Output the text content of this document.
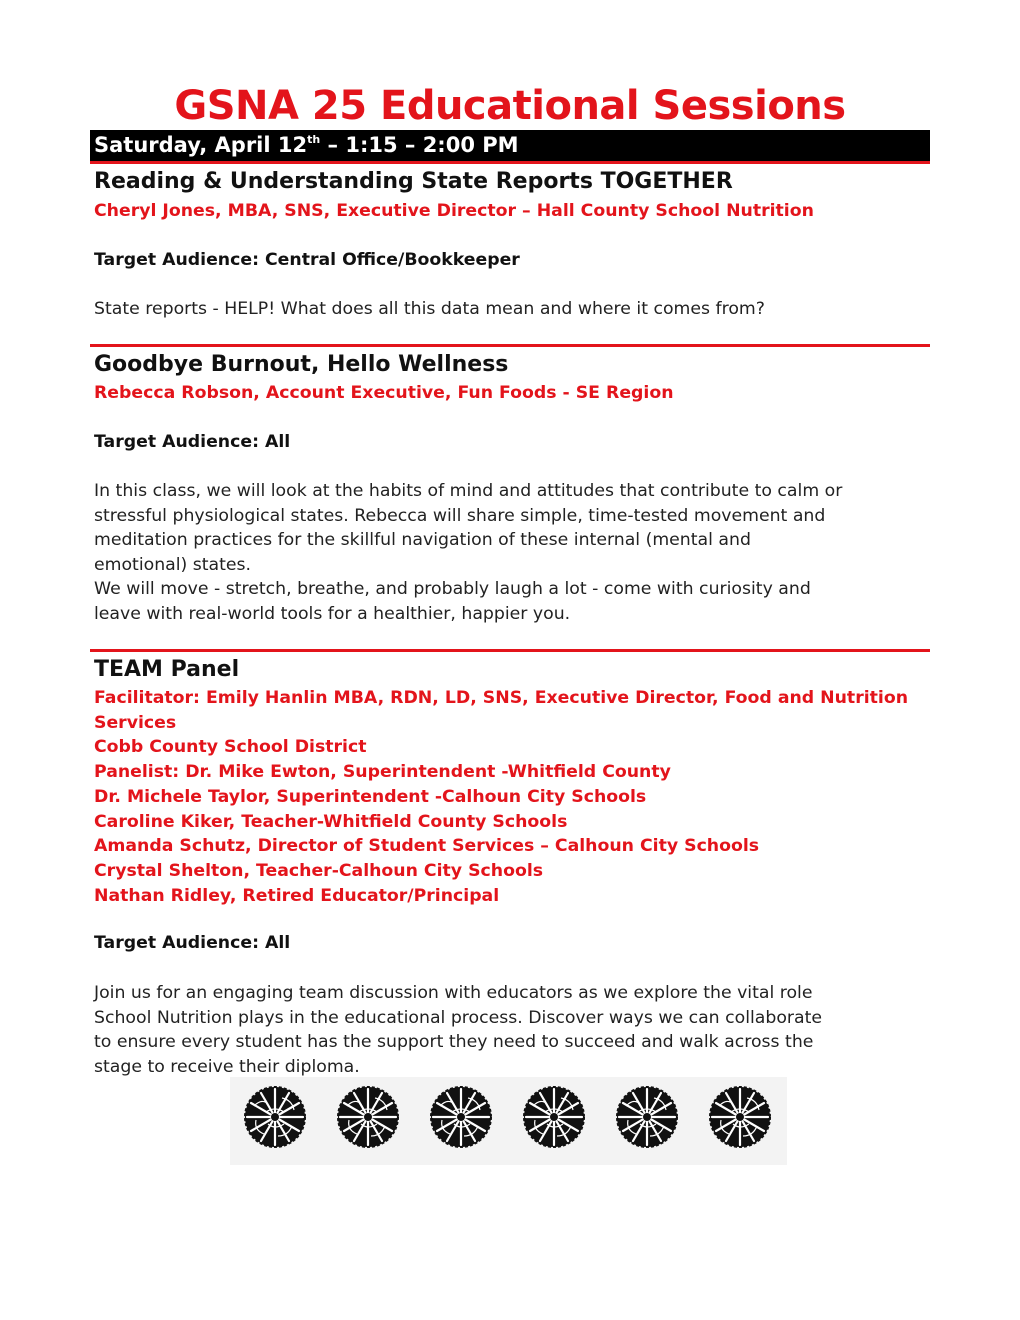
GSNA 25 Educational Sessions
Saturday, April 12th – 1:15 – 2:00 PM
Reading & Understanding State Reports TOGETHER
Cheryl Jones, MBA, SNS, Executive Director – Hall County School Nutrition
Target Audience: Central Office/Bookkeeper
State reports - HELP! What does all this data mean and where it comes from?
Goodbye Burnout, Hello Wellness
Rebecca Robson, Account Executive, Fun Foods - SE Region
Target Audience: All
In this class, we will look at the habits of mind and attitudes that contribute to calm or
stressful physiological states. Rebecca will share simple, time-tested movement and
meditation practices for the skillful navigation of these internal (mental and
emotional) states.
We will move - stretch, breathe, and probably laugh a lot - come with curiosity and
leave with real-world tools for a healthier, happier you.
TEAM Panel
Facilitator: Emily Hanlin MBA, RDN, LD, SNS, Executive Director, Food and Nutrition
Services
Cobb County School District
Panelist: Dr. Mike Ewton, Superintendent -Whitfield County
Dr. Michele Taylor, Superintendent -Calhoun City Schools
Caroline Kiker, Teacher-Whitfield County Schools
Amanda Schutz, Director of Student Services – Calhoun City Schools
Crystal Shelton, Teacher-Calhoun City Schools
Nathan Ridley, Retired Educator/Principal
Target Audience: All
Join us for an engaging team discussion with educators as we explore the vital role
School Nutrition plays in the educational process. Discover ways we can collaborate
to ensure every student has the support they need to succeed and walk across the
stage to receive their diploma.
